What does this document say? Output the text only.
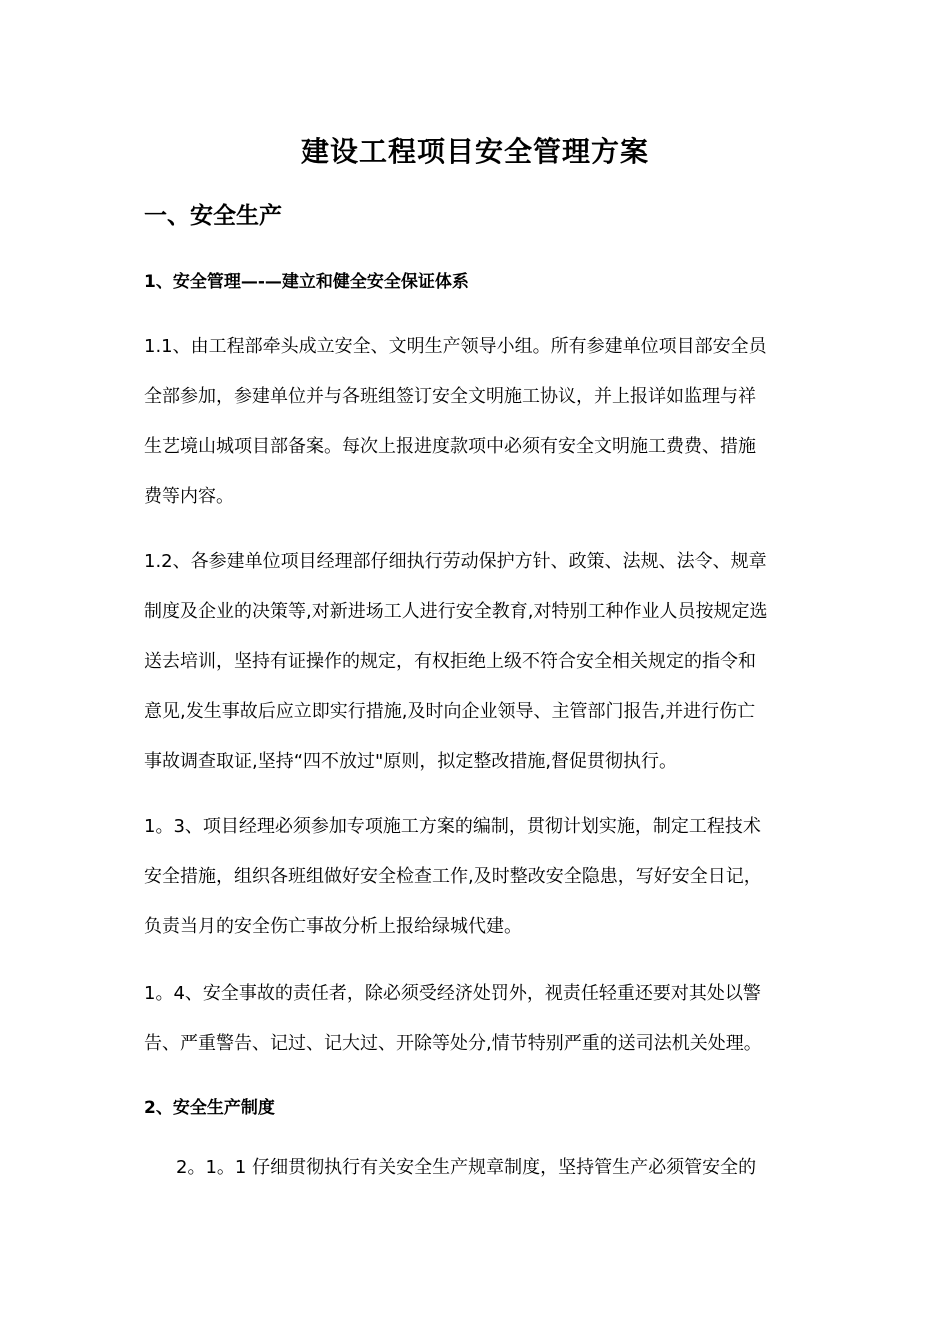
建设工程项目安全管理方案
一、安全生产
1、安全管理—-—建立和健全安全保证体系
1.1、由工程部牵头成立安全、文明生产领导小组。所有参建单位项目部安全员
全部参加，参建单位并与各班组签订安全文明施工协议，并上报详如监理与祥
生艺境山城项目部备案。每次上报进度款项中必须有安全文明施工费费、措施
费等内容。
1.2、各参建单位项目经理部仔细执行劳动保护方针、政策、法规、法令、规章
制度及企业的决策等,对新进场工人进行安全教育,对特别工种作业人员按规定选
送去培训，坚持有证操作的规定，有权拒绝上级不符合安全相关规定的指令和
意见,发生事故后应立即实行措施,及时向企业领导、主管部门报告,并进行伤亡
事故调查取证,坚持“四不放过"原则，拟定整改措施,督促贯彻执行。
1。3、项目经理必须参加专项施工方案的编制，贯彻计划实施，制定工程技术
安全措施，组织各班组做好安全检查工作,及时整改安全隐患，写好安全日记，
负责当月的安全伤亡事故分析上报给绿城代建。
1。4、安全事故的责任者，除必须受经济处罚外，视责任轻重还要对其处以警
告、严重警告、记过、记大过、开除等处分,情节特别严重的送司法机关处理。
2、安全生产制度
2。1。1 仔细贯彻执行有关安全生产规章制度，坚持管生产必须管安全的
